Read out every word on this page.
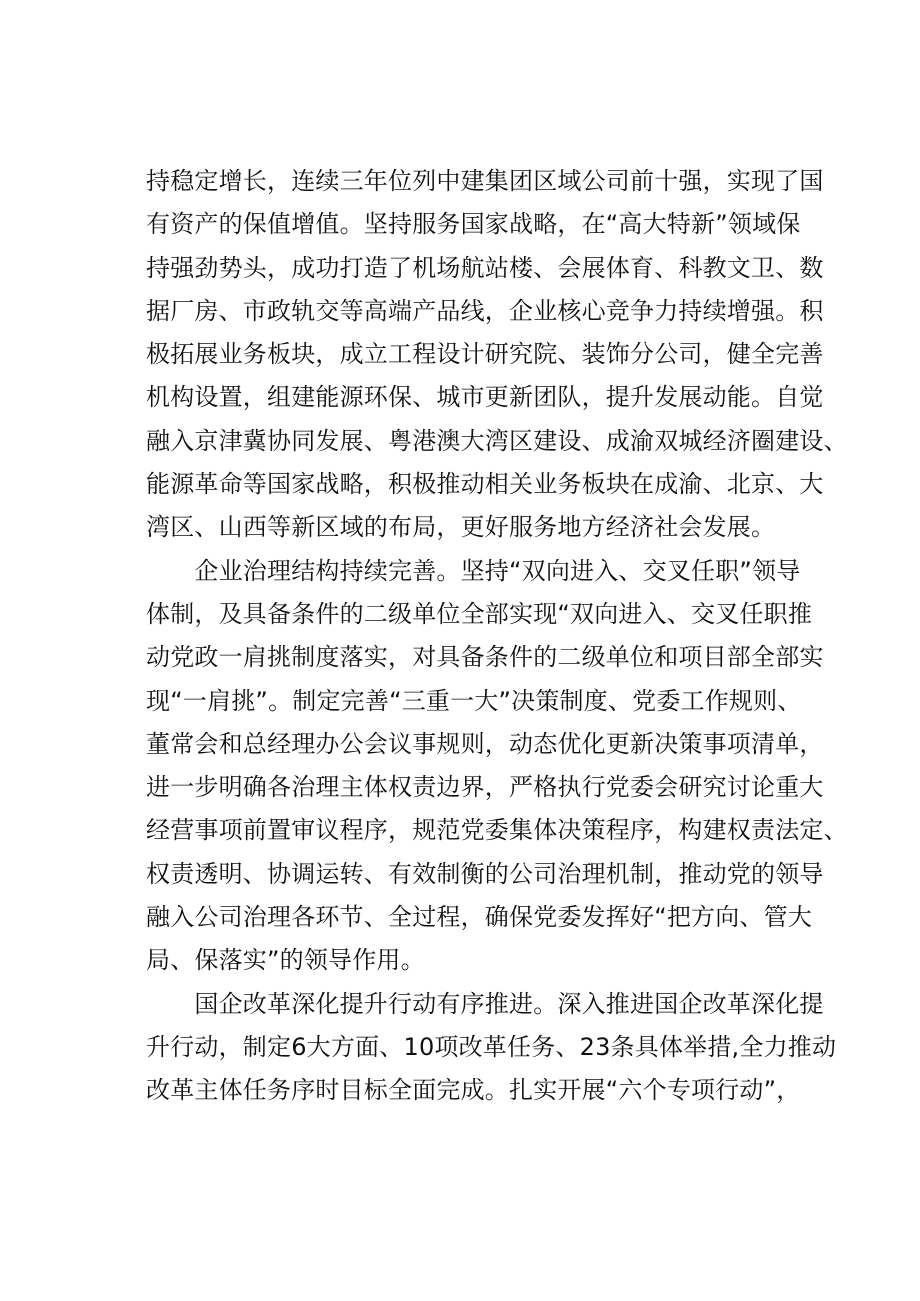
持稳定增长，连续三年位列中建集团区域公司前十强，实现了国
有资产的保值增值。坚持服务国家战略，在“高大特新”领域保
持强劲势头，成功打造了机场航站楼、会展体育、科教文卫、数
据厂房、市政轨交等高端产品线，企业核心竞争力持续增强。积
极拓展业务板块，成立工程设计研究院、装饰分公司，健全完善
机构设置，组建能源环保、城市更新团队，提升发展动能。自觉
融入京津冀协同发展、粤港澳大湾区建设、成渝双城经济圈建设、
能源革命等国家战略，积极推动相关业务板块在成渝、北京、大
湾区、山西等新区域的布局，更好服务地方经济社会发展。
　　企业治理结构持续完善。坚持“双向进入、交叉任职”领导
体制，及具备条件的二级单位全部实现“双向进入、交叉任职推
动党政一肩挑制度落实，对具备条件的二级单位和项目部全部实
现“一肩挑”。制定完善“三重一大”决策制度、党委工作规则、
董常会和总经理办公会议事规则，动态优化更新决策事项清单，
进一步明确各治理主体权责边界，严格执行党委会研究讨论重大
经营事项前置审议程序，规范党委集体决策程序，构建权责法定、
权责透明、协调运转、有效制衡的公司治理机制，推动党的领导
融入公司治理各环节、全过程，确保党委发挥好“把方向、管大
局、保落实”的领导作用。
　　国企改革深化提升行动有序推进。深入推进国企改革深化提
升行动，制定6大方面、10项改革任务、23条具体举措,全力推动
改革主体任务序时目标全面完成。扎实开展“六个专项行动”，
